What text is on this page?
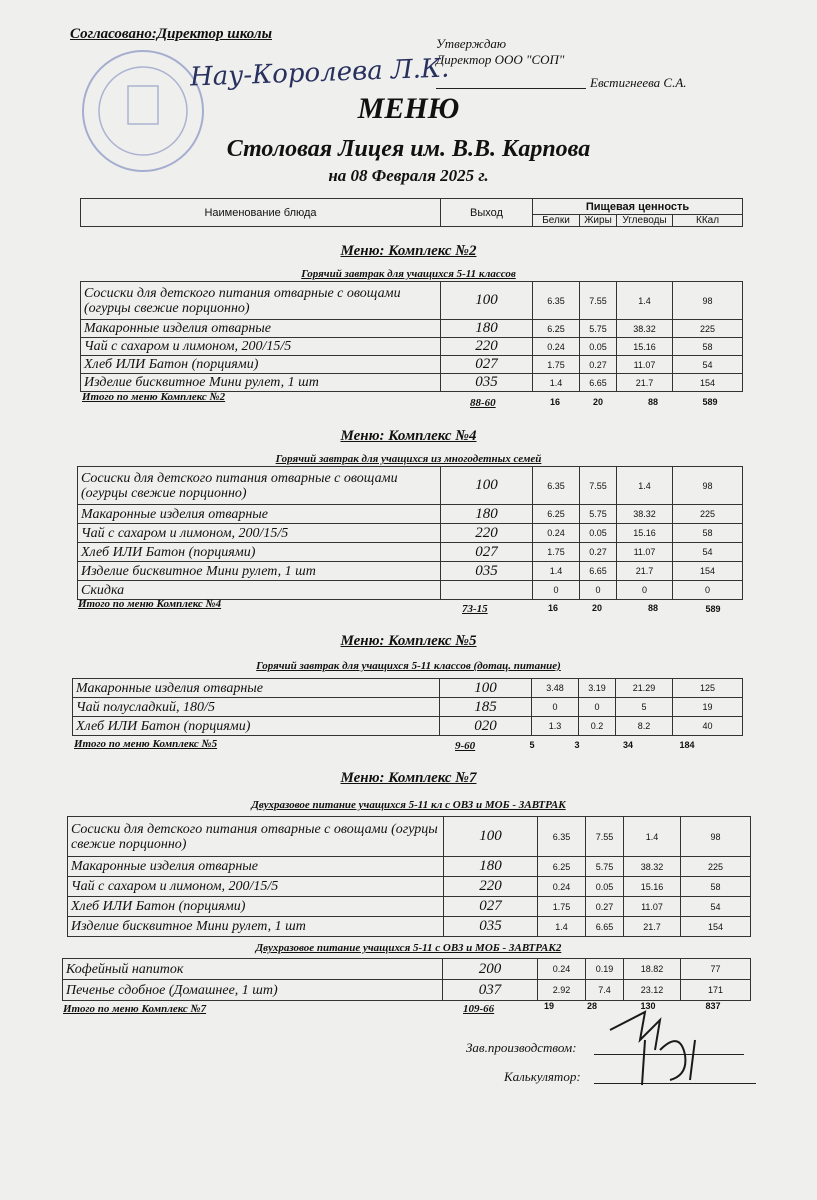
Согласовано:Директор школы
Утверждаю
Директор ООО "СОП"
Евстигнеева С.А.
Нау-Королева Л.К.
МЕНЮ
Столовая Лицея им. В.В. Карпова
на 08 Февраля 2025 г.
Наименование блюда	Выход	Пищевая ценность			
		Белки	Жиры	Углеводы	ККал
Меню: Комплекс №2
Горячий завтрак для учащихся 5-11 классов
Сосиски для детского питания отварные с овощами (огурцы свежие порционно)	100	6.35	7.55	1.4	98
Макаронные изделия отварные	180	6.25	5.75	38.32	225
Чай с сахаром и лимоном, 200/15/5	220	0.24	0.05	15.16	58
Хлеб ИЛИ Батон (порциями)	027	1.75	0.27	11.07	54
Изделие бисквитное Мини рулет, 1 шт	035	1.4	6.65	21.7	154
Итого по меню Комплекс №2	88-60	16	20	88	589
Меню: Комплекс №4
Горячий завтрак для учащихся из многодетных семей
Сосиски для детского питания отварные с овощами (огурцы свежие порционно)	100	6.35	7.55	1.4	98
Макаронные изделия отварные	180	6.25	5.75	38.32	225
Чай с сахаром и лимоном, 200/15/5	220	0.24	0.05	15.16	58
Хлеб ИЛИ Батон (порциями)	027	1.75	0.27	11.07	54
Изделие бисквитное Мини рулет, 1 шт	035	1.4	6.65	21.7	154
Скидка		0	0	0	0
Итого по меню Комплекс №4	73-15	16	20	88	589
Меню: Комплекс №5
Горячий завтрак для учащихся 5-11 классов (дотац. питание)
Макаронные изделия отварные	100	3.48	3.19	21.29	125
Чай полусладкий, 180/5	185	0	0	5	19
Хлеб ИЛИ Батон (порциями)	020	1.3	0.2	8.2	40
Итого по меню Комплекс №5	9-60	5	3	34	184
Меню: Комплекс №7
Двухразовое питание учащихся 5-11 кл с ОВЗ и МОБ - ЗАВТРАК
Сосиски для детского питания отварные с овощами (огурцы свежие порционно)	100	6.35	7.55	1.4	98
Макаронные изделия отварные	180	6.25	5.75	38.32	225
Чай с сахаром и лимоном, 200/15/5	220	0.24	0.05	15.16	58
Хлеб ИЛИ Батон (порциями)	027	1.75	0.27	11.07	54
Изделие бисквитное Мини рулет, 1 шт	035	1.4	6.65	21.7	154
Двухразовое питание учащихся 5-11 с ОВЗ и МОБ - ЗАВТРАК2
Кофейный напиток	200	0.24	0.19	18.82	77
Печенье сдобное (Домашнее, 1 шт)	037	2.92	7.4	23.12	171
Итого по меню Комплекс №7	109-66	19	28	130	837
Зав.производством:
Калькулятор:
